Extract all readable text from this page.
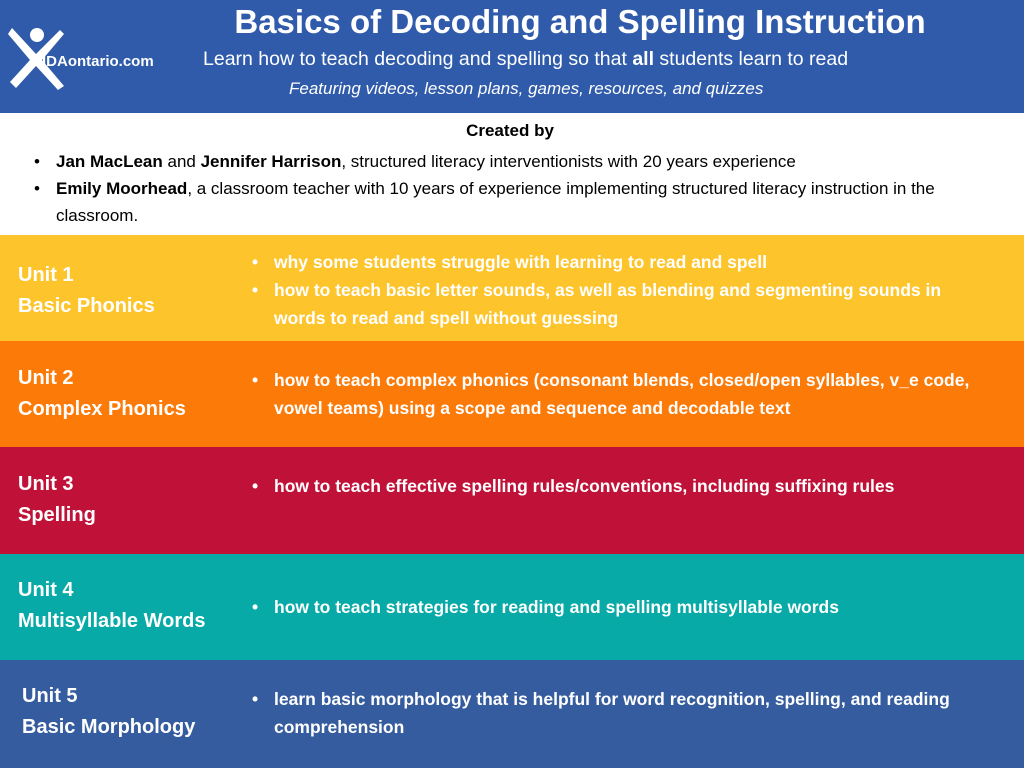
IDAontario.com
Basics of Decoding and Spelling Instruction
Learn how to teach decoding and spelling so that all students learn to read
Featuring videos, lesson plans, games, resources, and quizzes
Created by
• Jan MacLean and Jennifer Harrison, structured literacy interventionists with 20 years experience
• Emily Moorhead, a classroom teacher with 10 years of experience implementing structured literacy instruction in the classroom.
Unit 1
Basic Phonics
• why some students struggle with learning to read and spell
• how to teach basic letter sounds, as well as blending and segmenting sounds in words to read and spell without guessing
Unit 2
Complex Phonics
• how to teach complex phonics (consonant blends, closed/open syllables, v_e code, vowel teams) using a scope and sequence and decodable text
Unit 3
Spelling
• how to teach effective spelling rules/conventions, including suffixing rules
Unit 4
Multisyllable Words
• how to teach strategies for reading and spelling multisyllable words
Unit 5
Basic Morphology
• learn basic morphology that is helpful for word recognition, spelling, and reading comprehension
